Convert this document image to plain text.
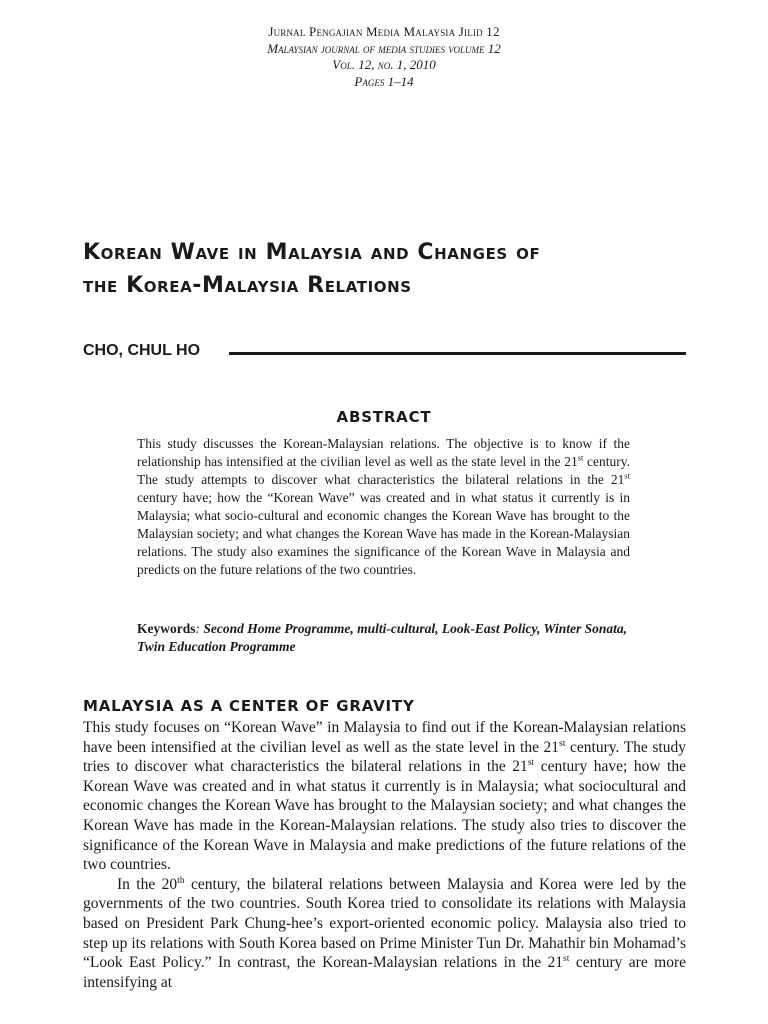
Jurnal Pengajian Media Malaysia Jilid 12
Malaysian journal of media studies volume 12
Vol. 12, no. 1, 2010
Pages 1–14
Korean Wave in Malaysia and Changes of
the Korea-Malaysia Relations
CHO, CHUL HO
ABSTRACT

This study discusses the Korean-Malaysian relations. The objective is to know if the relationship has intensified at the civilian level as well as the state level in the 21st century. The study attempts to discover what characteristics the bilateral relations in the 21st century have; how the “Korean Wave” was created and in what status it currently is in Malaysia; what socio-cultural and economic changes the Korean Wave has brought to the Malaysian society; and what changes the Korean Wave has made in the Korean-Malaysian relations. The study also examines the significance of the Korean Wave in Malaysia and predicts on the future relations of the two countries.

Keywords: Second Home Programme, multi-cultural, Look-East Policy, Winter Sonata, Twin Education Programme

MALAYSIA AS A CENTER OF GRAVITY

This study focuses on “Korean Wave” in Malaysia to find out if the Korean-Malaysian relations have been intensified at the civilian level as well as the state level in the 21st century. The study tries to discover what characteristics the bilateral relations in the 21st century have; how the Korean Wave was created and in what status it currently is in Malaysia; what sociocultural and economic changes the Korean Wave has brought to the Malaysian society; and what changes the Korean Wave has made in the Korean-Malaysian relations. The study also tries to discover the significance of the Korean Wave in Malaysia and make predictions of the future relations of the two countries.

In the 20th century, the bilateral relations between Malaysia and Korea were led by the governments of the two countries. South Korea tried to consolidate its relations with Malaysia based on President Park Chung-hee’s export-oriented economic policy. Malaysia also tried to step up its relations with South Korea based on Prime Minister Tun Dr. Mahathir bin Mohamad’s “Look East Policy.” In contrast, the Korean-Malaysian relations in the 21st century are more intensifying at
